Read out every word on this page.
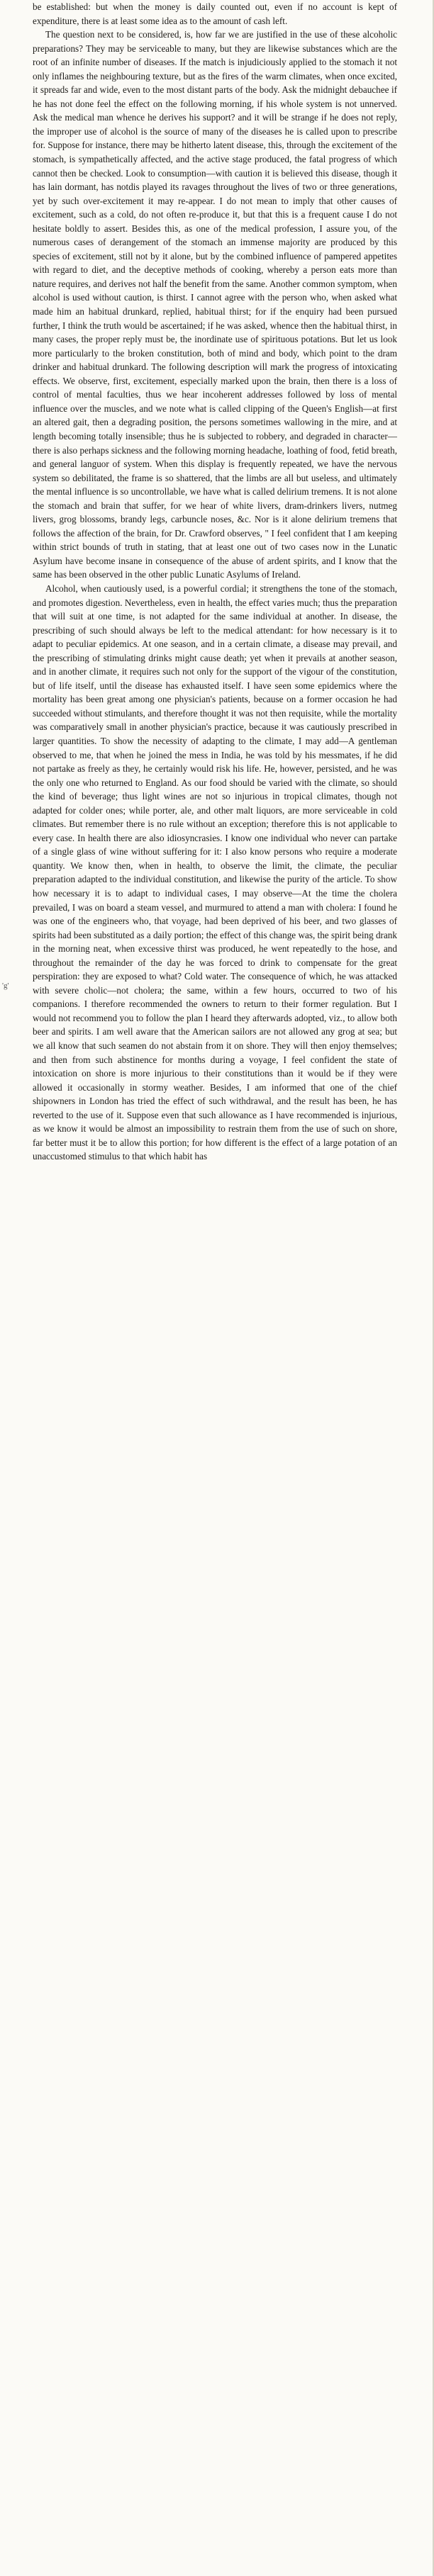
'g'

be established: but when the money is daily counted out, even if no account is kept of expenditure, there is at least some idea as to the amount of cash left.

The question next to be considered, is, how far we are justified in the use of these alcoholic preparations? They may be serviceable to many, but they are likewise substances which are the root of an infinite number of diseases. If the match is injudiciously applied to the stomach it not only inflames the neighbouring texture, but as the fires of the warm climates, when once excited, it spreads far and wide, even to the most distant parts of the body. Ask the midnight debauchee if he has not done feel the effect on the following morning, if his whole system is not unnerved. Ask the medical man whence he derives his support? and it will be strange if he does not reply, the improper use of alcohol is the source of many of the diseases he is called upon to prescribe for. Suppose for instance, there may be hitherto latent disease, this, through the excitement of the stomach, is sympathetically affected, and the active stage produced, the fatal progress of which cannot then be checked. Look to consumption—with caution it is believed this disease, though it has lain dormant, has notdis played its ravages throughout the lives of two or three generations, yet by such over-excitement it may re-appear. I do not mean to imply that other causes of excitement, such as a cold, do not often re-produce it, but that this is a frequent cause I do not hesitate boldly to assert. Besides this, as one of the medical profession, I assure you, of the numerous cases of derangement of the stomach an immense majority are produced by this species of excitement, still not by it alone, but by the combined influence of pampered appetites with regard to diet, and the deceptive methods of cooking, whereby a person eats more than nature requires, and derives not half the benefit from the same. Another common symptom, when alcohol is used without caution, is thirst. I cannot agree with the person who, when asked what made him an habitual drunkard, replied, habitual thirst; for if the enquiry had been pursued further, I think the truth would be ascertained; if he was asked, whence then the habitual thirst, in many cases, the proper reply must be, the inordinate use of spirituous potations. But let us look more particularly to the broken constitution, both of mind and body, which point to the dram drinker and habitual drunkard. The following description will mark the progress of intoxicating effects. We observe, first, excitement, especially marked upon the brain, then there is a loss of control of mental faculties, thus we hear incoherent addresses followed by loss of mental influence over the muscles, and we note what is called clipping of the Queen's English—at first an altered gait, then a degrading position, the persons sometimes wallowing in the mire, and at length becoming totally insensible; thus he is subjected to robbery, and degraded in character—there is also perhaps sickness and the following morning headache, loathing of food, fetid breath, and general languor of system. When this display is frequently repeated, we have the nervous system so debilitated, the frame is so shattered, that the limbs are all but useless, and ultimately the mental influence is so uncontrollable, we have what is called delirium tremens. It is not alone the stomach and brain that suffer, for we hear of white livers, dram-drinkers livers, nutmeg livers, grog blossoms, brandy legs, carbuncle noses, &c. Nor is it alone delirium tremens that follows the affection of the brain, for Dr. Crawford observes, " I feel confident that I am keeping within strict bounds of truth in stating, that at least one out of two cases now in the Lunatic Asylum have become insane in consequence of the abuse of ardent spirits, and I know that the same has been observed in the other public Lunatic Asylums of Ireland.

Alcohol, when cautiously used, is a powerful cordial; it strengthens the tone of the stomach, and promotes digestion. Nevertheless, even in health, the effect varies much; thus the preparation that will suit at one time, is not adapted for the same individual at another. In disease, the prescribing of such should always be left to the medical attendant: for how necessary is it to adapt to peculiar epidemics. At one season, and in a certain climate, a disease may prevail, and the prescribing of stimulating drinks might cause death; yet when it prevails at another season, and in another climate, it requires such not only for the support of the vigour of the constitution, but of life itself, until the disease has exhausted itself. I have seen some epidemics where the mortality has been great among one physician's patients, because on a former occasion he had succeeded without stimulants, and therefore thought it was not then requisite, while the mortality was comparatively small in another physician's practice, because it was cautiously prescribed in larger quantities. To show the necessity of adapting to the climate, I may add—A gentleman observed to me, that when he joined the mess in India, he was told by his messmates, if he did not partake as freely as they, he certainly would risk his life. He, however, persisted, and he was the only one who returned to England. As our food should be varied with the climate, so should the kind of beverage; thus light wines are not so injurious in tropical climates, though not adapted for colder ones; while porter, ale, and other malt liquors, are more serviceable in cold climates. But remember there is no rule without an exception; therefore this is not applicable to every case. In health there are also idiosyncrasies. I know one individual who never can partake of a single glass of wine without suffering for it: I also know persons who require a moderate quantity. We know then, when in health, to observe the limit, the climate, the peculiar preparation adapted to the individual constitution, and likewise the purity of the article. To show how necessary it is to adapt to individual cases, I may observe—At the time the cholera prevailed, I was on board a steam vessel, and murmured to attend a man with cholera: I found he was one of the engineers who, that voyage, had been deprived of his beer, and two glasses of spirits had been substituted as a daily portion; the effect of this change was, the spirit being drank in the morning neat, when excessive thirst was produced, he went repeatedly to the hose, and throughout the remainder of the day he was forced to drink to compensate for the great perspiration: they are exposed to what? Cold water. The consequence of which, he was attacked with severe cholic—not cholera; the same, within a few hours, occurred to two of his companions. I therefore recommended the owners to return to their former regulation. But I would not recommend you to follow the plan I heard they afterwards adopted, viz., to allow both beer and spirits. I am well aware that the American sailors are not allowed any grog at sea; but we all know that such seamen do not abstain from it on shore. They will then enjoy themselves; and then from such abstinence for months during a voyage, I feel confident the state of intoxication on shore is more injurious to their constitutions than it would be if they were allowed it occasionally in stormy weather. Besides, I am informed that one of the chief shipowners in London has tried the effect of such withdrawal, and the result has been, he has reverted to the use of it. Suppose even that such allowance as I have recommended is injurious, as we know it would be almost an impossibility to restrain them from the use of such on shore, far better must it be to allow this portion; for how different is the effect of a large potation of an unaccustomed stimulus to that which habit has
